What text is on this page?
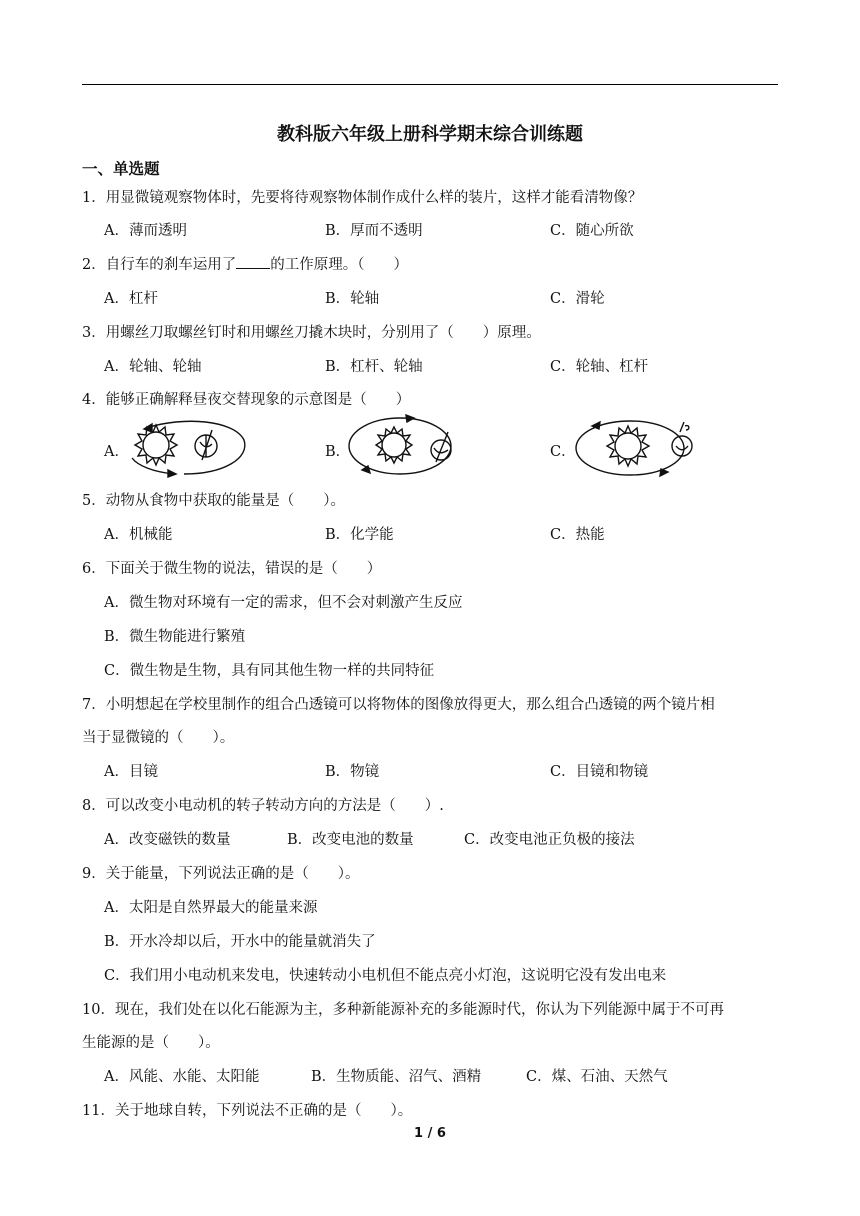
教科版六年级上册科学期末综合训练题
一、单选题
1．用显微镜观察物体时，先要将待观察物体制作成什么样的装片，这样才能看清物像？
A．薄而透明	B．厚而不透明	C．随心所欲
2．自行车的刹车运用了 的工作原理。（　　）
A．杠杆	B．轮轴	C．滑轮
3．用螺丝刀取螺丝钉时和用螺丝刀撬木块时，分别用了（　　）原理。
A．轮轴、轮轴	B．杠杆、轮轴	C．轮轴、杠杆
4．能够正确解释昼夜交替现象的示意图是（　　）
A．	B．	C．
5．动物从食物中获取的能量是（　　）。
A．机械能	B．化学能	C．热能
6．下面关于微生物的说法，错误的是（　　）
A．微生物对环境有一定的需求，但不会对刺激产生反应
B．微生物能进行繁殖
C．微生物是生物，具有同其他生物一样的共同特征
7．小明想起在学校里制作的组合凸透镜可以将物体的图像放得更大，那么组合凸透镜的两个镜片相
当于显微镜的（　　）。
A．目镜	B．物镜	C．目镜和物镜
8．可以改变小电动机的转子转动方向的方法是（　　）.
A．改变磁铁的数量	B．改变电池的数量	C．改变电池正负极的接法
9．关于能量，下列说法正确的是（　　）。
A．太阳是自然界最大的能量来源
B．开水冷却以后，开水中的能量就消失了
C．我们用小电动机来发电，快速转动小电机但不能点亮小灯泡，这说明它没有发出电来
10．现在，我们处在以化石能源为主，多种新能源补充的多能源时代，你认为下列能源中属于不可再
生能源的是（　　）。
A．风能、水能、太阳能	B．生物质能、沼气、酒精	C．煤、石油、天然气
11．关于地球自转，下列说法不正确的是（　　）。
1 / 6
